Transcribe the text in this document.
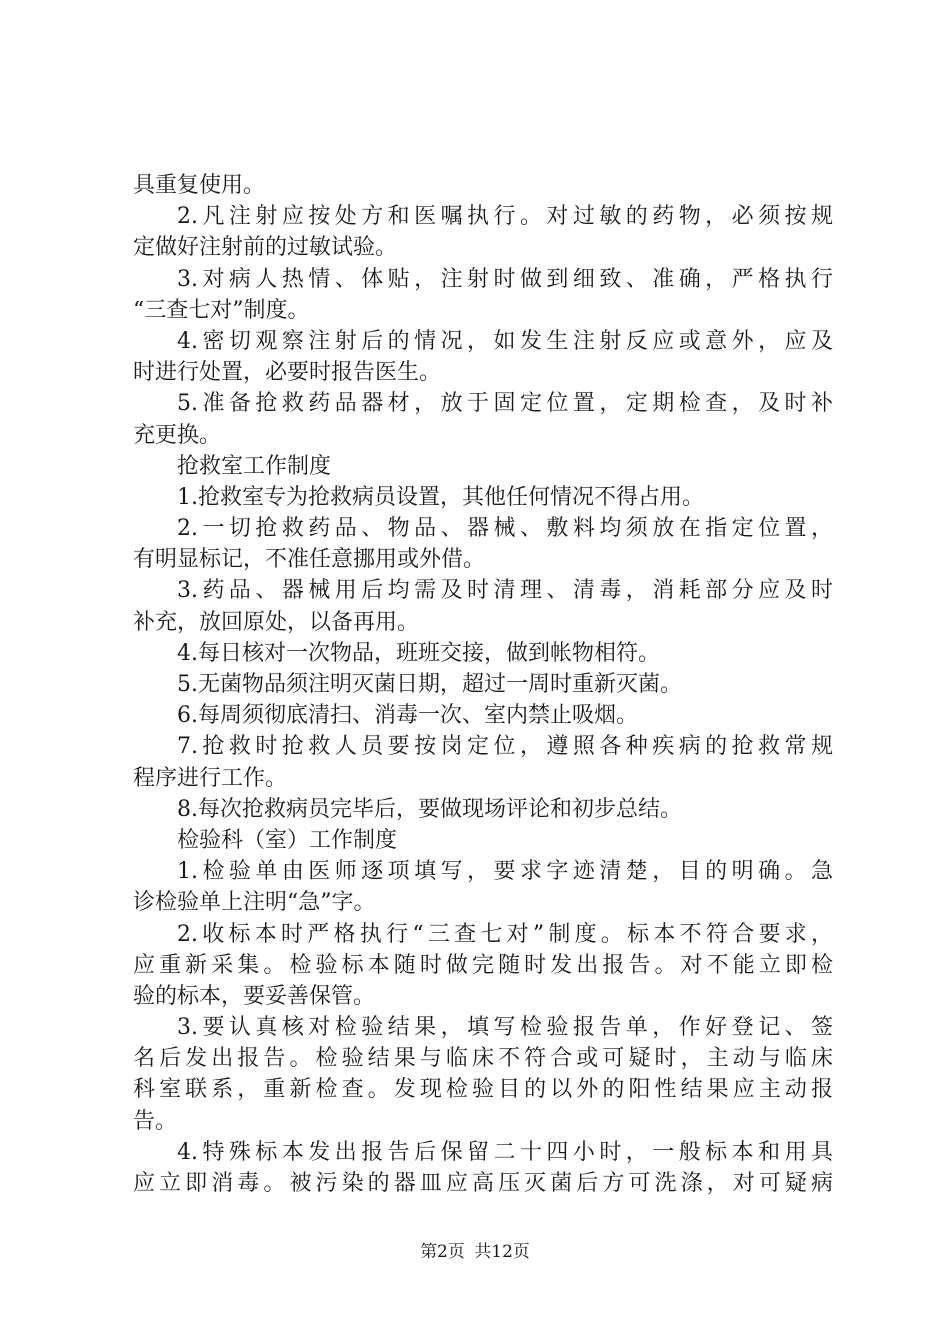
具重复使用。
2.凡注射应按处方和医嘱执行。对过敏的药物，必须按规
定做好注射前的过敏试验。
3.对病人热情、体贴，注射时做到细致、准确，严格执行
“三查七对”制度。
4.密切观察注射后的情况，如发生注射反应或意外，应及
时进行处置，必要时报告医生。
5.准备抢救药品器材，放于固定位置，定期检查，及时补
充更换。
抢救室工作制度
1.抢救室专为抢救病员设置，其他任何情况不得占用。
2.一切抢救药品、物品、器械、敷料均须放在指定位置，
有明显标记，不准任意挪用或外借。
3.药品、器械用后均需及时清理、清毒，消耗部分应及时
补充，放回原处，以备再用。
4.每日核对一次物品，班班交接，做到帐物相符。
5.无菌物品须注明灭菌日期，超过一周时重新灭菌。
6.每周须彻底清扫、消毒一次、室内禁止吸烟。
7.抢救时抢救人员要按岗定位，遵照各种疾病的抢救常规
程序进行工作。
8.每次抢救病员完毕后，要做现场评论和初步总结。
检验科（室）工作制度
1.检验单由医师逐项填写，要求字迹清楚，目的明确。急
诊检验单上注明“急”字。
2.收标本时严格执行“三查七对”制度。标本不符合要求，
应重新采集。检验标本随时做完随时发出报告。对不能立即检
验的标本，要妥善保管。
3.要认真核对检验结果，填写检验报告单，作好登记、签
名后发出报告。检验结果与临床不符合或可疑时，主动与临床
科室联系，重新检查。发现检验目的以外的阳性结果应主动报
告。
4.特殊标本发出报告后保留二十四小时，一般标本和用具
应立即消毒。被污染的器皿应高压灭菌后方可洗涤，对可疑病
第2页 共12页
